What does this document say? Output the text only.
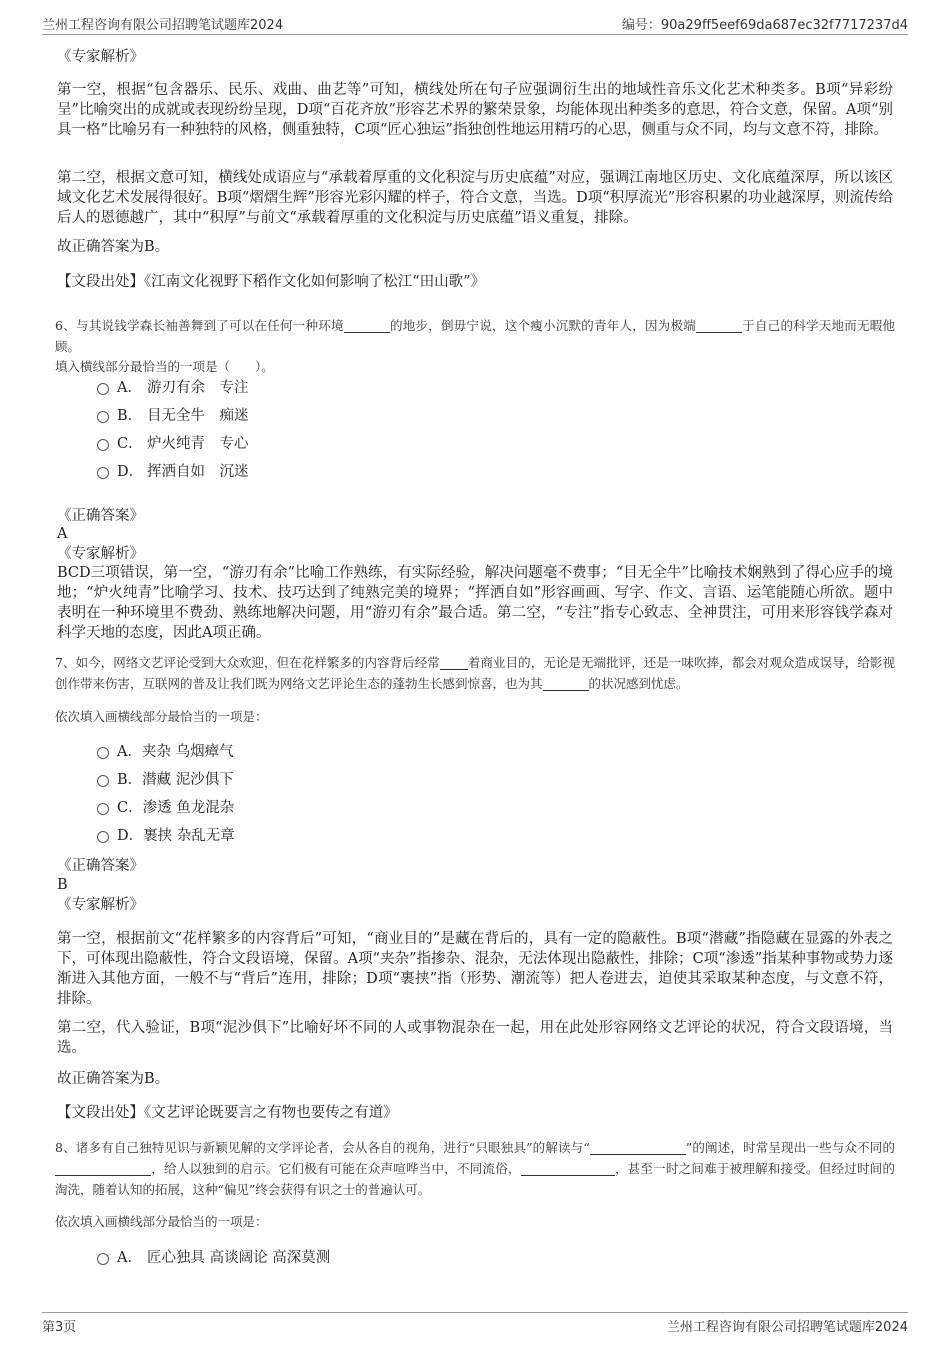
兰州工程咨询有限公司招聘笔试题库2024	编号：90a29ff5eef69da687ec32f7717237d4

《专家解析》

第一空，根据“包含器乐、民乐、戏曲、曲艺等”可知，横线处所在句子应强调衍生出的地域性音乐文化艺术种类多。B项“异彩纷呈”比喻突出的成就或表现纷纷呈现，D项“百花齐放”形容艺术界的繁荣景象，均能体现出种类多的意思，符合文意，保留。A项“别具一格”比喻另有一种独特的风格，侧重独特，C项“匠心独运”指独创性地运用精巧的心思，侧重与众不同，均与文意不符，排除。

第二空，根据文意可知，横线处成语应与“承载着厚重的文化积淀与历史底蕴”对应，强调江南地区历史、文化底蕴深厚，所以该区域文化艺术发展得很好。B项“熠熠生辉”形容光彩闪耀的样子，符合文意，当选。D项“积厚流光”形容积累的功业越深厚，则流传给后人的恩德越广，其中“积厚”与前文“承载着厚重的文化积淀与历史底蕴”语义重复，排除。

故正确答案为B。

【文段出处】《江南文化视野下稻作文化如何影响了松江“田山歌”》

6、与其说钱学森长袖善舞到了可以在任何一种环境	的地步，倒毋宁说，这个瘦小沉默的青年人，因为极端	于自己的科学天地而无暇他顾。

填入横线部分最恰当的一项是（　　）。

A． 游刃有余　专注
B． 目无全牛　痴迷
C． 炉火纯青　专心
D． 挥洒自如　沉迷

《正确答案》

A

《专家解析》

BCD三项错误，第一空，“游刃有余”比喻工作熟练，有实际经验，解决问题毫不费事；“目无全牛”比喻技术娴熟到了得心应手的境地；“炉火纯青”比喻学习、技术、技巧达到了纯熟完美的境界；“挥洒自如”形容画画、写字、作文、言语、运笔能随心所欲。题中表明在一种环境里不费劲、熟练地解决问题，用“游刃有余”最合适。第二空，“专注”指专心致志、全神贯注，可用来形容钱学森对科学天地的态度，因此A项正确。

7、如今，网络文艺评论受到大众欢迎，但在花样繁多的内容背后经常 着商业目的，无论是无端批评，还是一味吹捧，都会对观众造成误导，给影视创作带来伤害，互联网的普及让我们既为网络文艺评论生态的蓬勃生长感到惊喜，也为其	的状况感到忧虑。

依次填入画横线部分最恰当的一项是：

A．夹杂 乌烟瘴气
B．潜藏 泥沙俱下
C．渗透 鱼龙混杂
D．裹挟 杂乱无章

《正确答案》

B

《专家解析》

第一空，根据前文“花样繁多的内容背后”可知，“商业目的”是藏在背后的，具有一定的隐蔽性。B项“潜藏”指隐藏在显露的外表之下，可体现出隐蔽性，符合文段语境，保留。A项“夹杂”指掺杂、混杂，无法体现出隐蔽性，排除；C项“渗透”指某种事物或势力逐渐进入其他方面，一般不与“背后”连用，排除；D项“裹挟”指（形势、潮流等）把人卷进去，迫使其采取某种态度，与文意不符，排除。

第二空，代入验证，B项“泥沙俱下”比喻好坏不同的人或事物混杂在一起，用在此处形容网络文艺评论的状况，符合文段语境，当选。

故正确答案为B。

【文段出处】《文艺评论既要言之有物也要传之有道》

8、诸多有自己独特见识与新颖见解的文学评论者，会从各自的视角，进行“只眼独具”的解读与“	”的阐述，时常呈现出一些与众不同的，给人以独到的启示。它们极有可能在众声喧哗当中，不同流俗，	，甚至一时之间难于被理解和接受。但经过时间的淘洗，随着认知的拓展，这种“偏见”终会获得有识之士的普遍认可。

依次填入画横线部分最恰当的一项是：

A． 匠心独具 高谈阔论 高深莫测
第3页	兰州工程咨询有限公司招聘笔试题库2024
